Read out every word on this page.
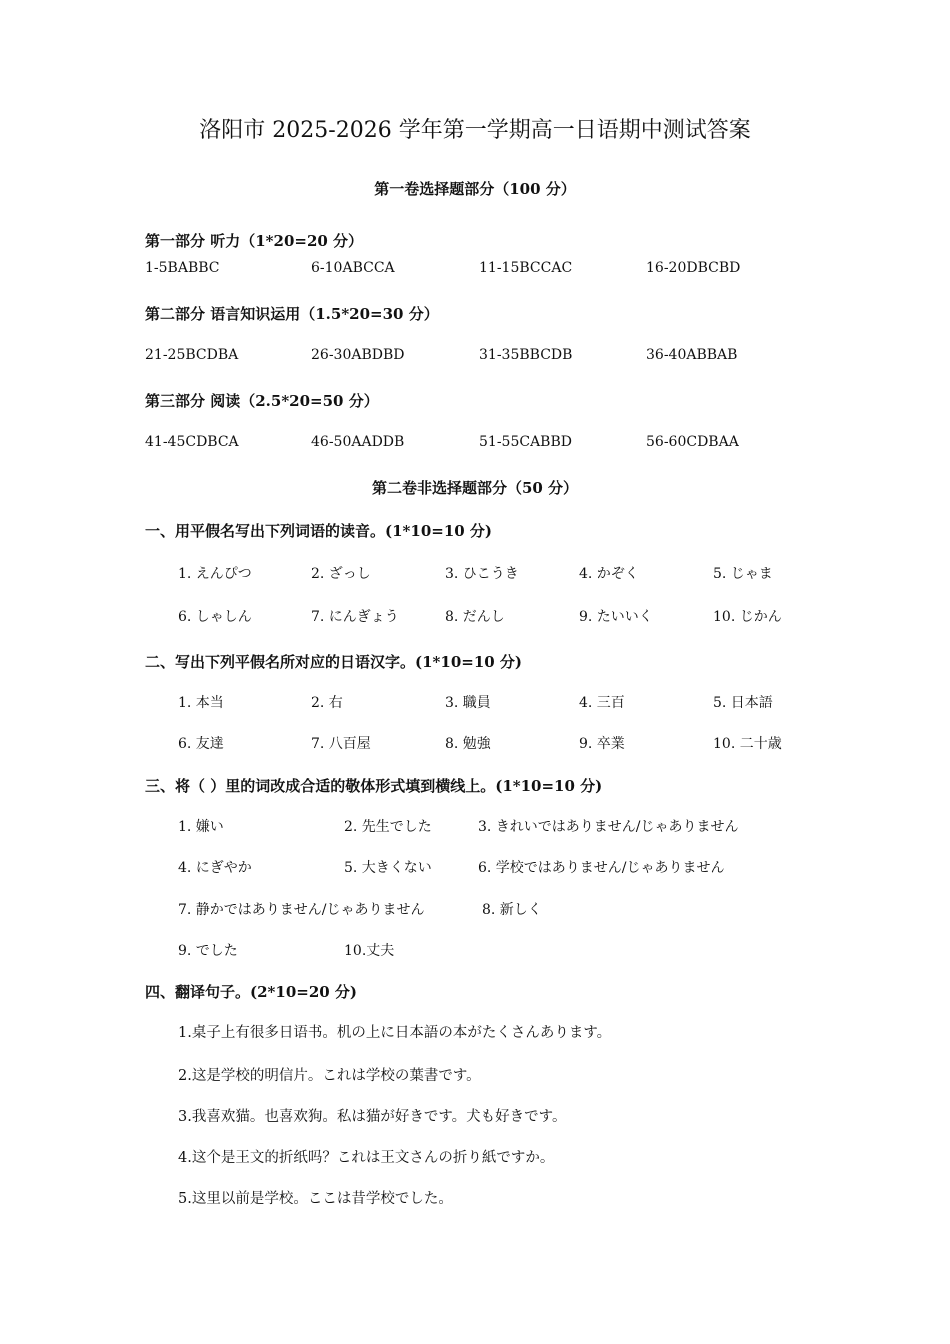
洛阳市 2025-2026 学年第一学期高一日语期中测试答案
第一卷选择题部分（100 分）
第一部分 听力（1*20=20 分）
1-5BABBC	6-10ABCCA	11-15BCCAC	16-20DBCBD
第二部分 语言知识运用（1.5*20=30 分）
21-25BCDBA	26-30ABDBD	31-35BBCDB	36-40ABBAB
第三部分 阅读（2.5*20=50 分）
41-45CDBCA	46-50AADDB	51-55CABBD	56-60CDBAA
第二卷非选择题部分（50 分）
一、用平假名写出下列词语的读音。(1*10=10 分)
1. えんぴつ	2. ざっし	3. ひこうき	4. かぞく	5. じゃま
6. しゃしん	7. にんぎょう	8. だんし	9. たいいく	10. じかん
二、写出下列平假名所对应的日语汉字。(1*10=10 分)
1. 本当	2. 右	3. 職員	4. 三百	5. 日本語
6. 友達	7. 八百屋	8. 勉強	9. 卒業	10. 二十歳
三、将（ ）里的词改成合适的敬体形式填到横线上。(1*10=10 分)
1. 嫌い	2. 先生でした	3. きれいではありません/じゃありません
4. にぎやか	5. 大きくない	6. 学校ではありません/じゃありません
7. 静かではありません/じゃありません	8. 新しく
9. でした	10.丈夫
四、翻译句子。(2*10=20 分)
1.桌子上有很多日语书。机の上に日本語の本がたくさんあります。
2.这是学校的明信片。これは学校の葉書です。
3.我喜欢猫。也喜欢狗。私は猫が好きです。犬も好きです。
4.这个是王文的折纸吗？これは王文さんの折り紙ですか。
5.这里以前是学校。ここは昔学校でした。
